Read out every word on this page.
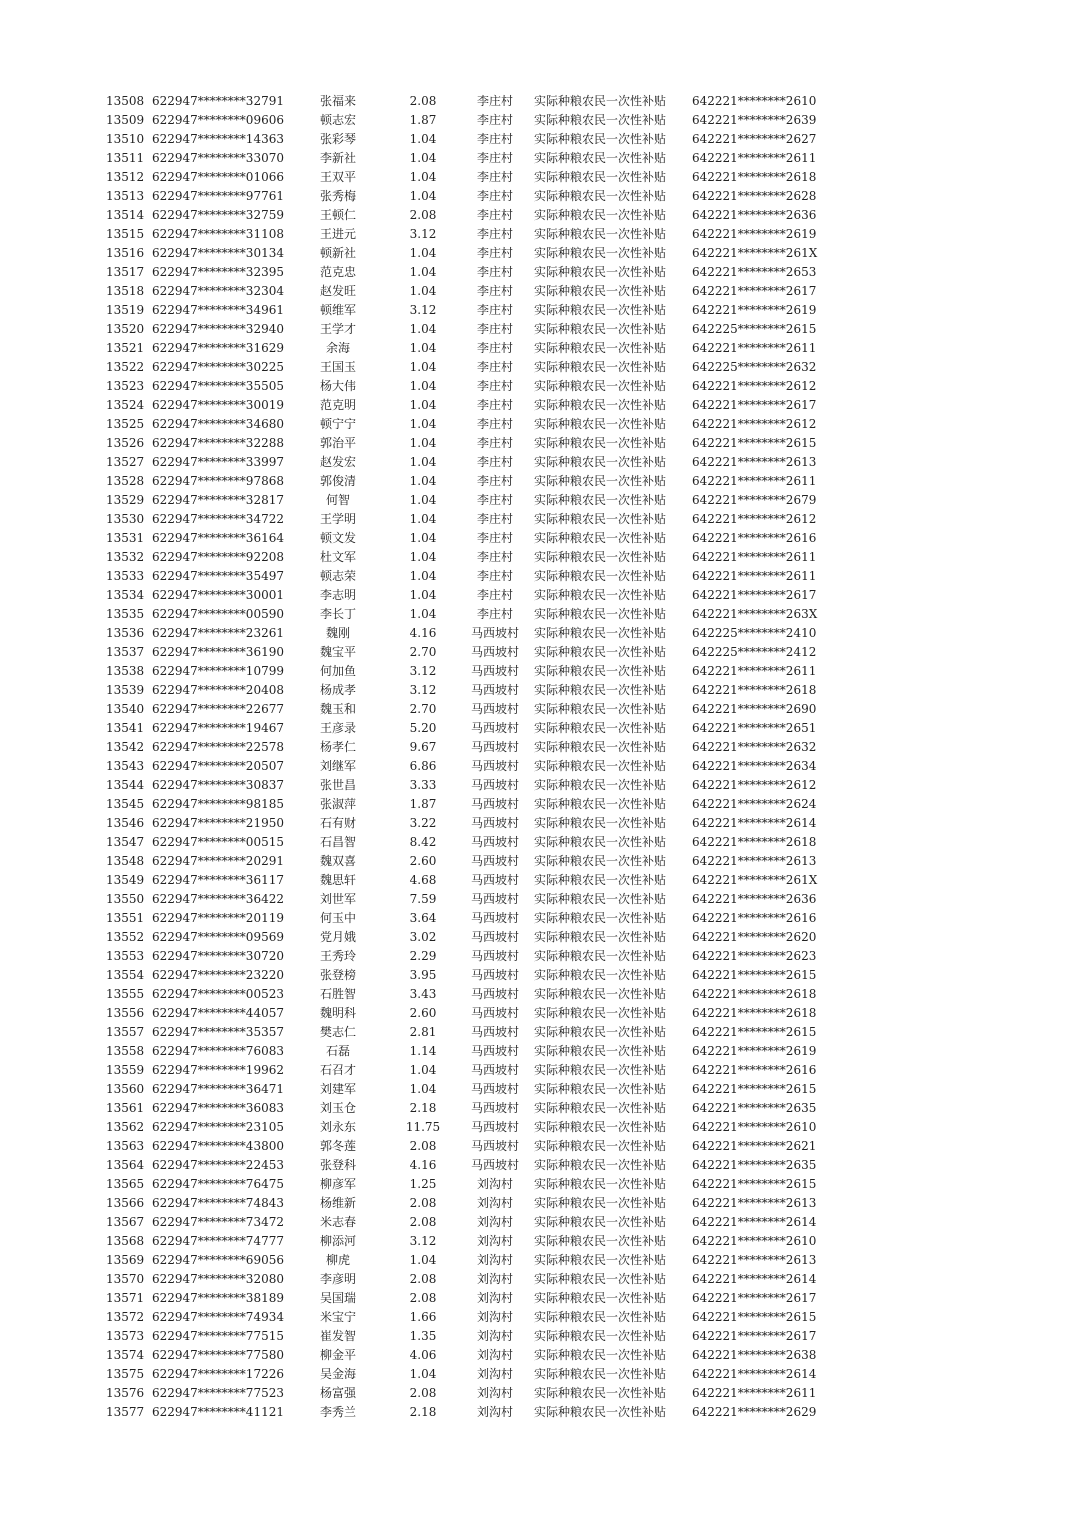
13508 622947********32791	张福来	2.08	李庄村	实际种粮农民一次性补贴 642221********2610
13509 622947********09606	顿志宏	1.87	李庄村	实际种粮农民一次性补贴 642221********2639
13510 622947********14363	张彩琴	1.04	李庄村	实际种粮农民一次性补贴 642221********2627
13511 622947********33070	李新社	1.04	李庄村	实际种粮农民一次性补贴 642221********2611
13512 622947********01066	王双平	1.04	李庄村	实际种粮农民一次性补贴 642221********2618
13513 622947********97761	张秀梅	1.04	李庄村	实际种粮农民一次性补贴 642221********2628
13514 622947********32759	王顿仁	2.08	李庄村	实际种粮农民一次性补贴 642221********2636
13515 622947********31108	王进元	3.12	李庄村	实际种粮农民一次性补贴 642221********2619
13516 622947********30134	顿新社	1.04	李庄村	实际种粮农民一次性补贴 642221********261X
13517 622947********32395	范克忠	1.04	李庄村	实际种粮农民一次性补贴 642221********2653
13518 622947********32304	赵发旺	1.04	李庄村	实际种粮农民一次性补贴 642221********2617
13519 622947********34961	顿维军	3.12	李庄村	实际种粮农民一次性补贴 642221********2619
13520 622947********32940	王学才	1.04	李庄村	实际种粮农民一次性补贴 642225********2615
13521 622947********31629	余海	1.04	李庄村	实际种粮农民一次性补贴 642221********2611
13522 622947********30225	王国玉	1.04	李庄村	实际种粮农民一次性补贴 642225********2632
13523 622947********35505	杨大伟	1.04	李庄村	实际种粮农民一次性补贴 642221********2612
13524 622947********30019	范克明	1.04	李庄村	实际种粮农民一次性补贴 642221********2617
13525 622947********34680	顿宁宁	1.04	李庄村	实际种粮农民一次性补贴 642221********2612
13526 622947********32288	郭治平	1.04	李庄村	实际种粮农民一次性补贴 642221********2615
13527 622947********33997	赵发宏	1.04	李庄村	实际种粮农民一次性补贴 642221********2613
13528 622947********97868	郭俊清	1.04	李庄村	实际种粮农民一次性补贴 642221********2611
13529 622947********32817	何智	1.04	李庄村	实际种粮农民一次性补贴 642221********2679
13530 622947********34722	王学明	1.04	李庄村	实际种粮农民一次性补贴 642221********2612
13531 622947********36164	顿文发	1.04	李庄村	实际种粮农民一次性补贴 642221********2616
13532 622947********92208	杜文军	1.04	李庄村	实际种粮农民一次性补贴 642221********2611
13533 622947********35497	顿志荣	1.04	李庄村	实际种粮农民一次性补贴 642221********2611
13534 622947********30001	李志明	1.04	李庄村	实际种粮农民一次性补贴 642221********2617
13535 622947********00590	李长丁	1.04	李庄村	实际种粮农民一次性补贴 642221********263X
13536 622947********23261	魏刚	4.16	马西坡村 实际种粮农民一次性补贴 642225********2410
13537 622947********36190	魏宝平	2.70	马西坡村 实际种粮农民一次性补贴 642225********2412
13538 622947********10799	何加鱼	3.12	马西坡村 实际种粮农民一次性补贴 642221********2611
13539 622947********20408	杨成孝	3.12	马西坡村 实际种粮农民一次性补贴 642221********2618
13540 622947********22677	魏玉和	2.70	马西坡村 实际种粮农民一次性补贴 642221********2690
13541 622947********19467	王彦录	5.20	马西坡村 实际种粮农民一次性补贴 642221********2651
13542 622947********22578	杨孝仁	9.67	马西坡村 实际种粮农民一次性补贴 642221********2632
13543 622947********20507	刘继军	6.86	马西坡村 实际种粮农民一次性补贴 642221********2634
13544 622947********30837	张世昌	3.33	马西坡村 实际种粮农民一次性补贴 642221********2612
13545 622947********98185	张淑萍	1.87	马西坡村 实际种粮农民一次性补贴 642221********2624
13546 622947********21950	石有财	3.22	马西坡村 实际种粮农民一次性补贴 642221********2614
13547 622947********00515	石昌智	8.42	马西坡村 实际种粮农民一次性补贴 642221********2618
13548 622947********20291	魏双喜	2.60	马西坡村 实际种粮农民一次性补贴 642221********2613
13549 622947********36117	魏思轩	4.68	马西坡村 实际种粮农民一次性补贴 642221********261X
13550 622947********36422	刘世军	7.59	马西坡村 实际种粮农民一次性补贴 642221********2636
13551 622947********20119	何玉中	3.64	马西坡村 实际种粮农民一次性补贴 642221********2616
13552 622947********09569	党月娥	3.02	马西坡村 实际种粮农民一次性补贴 642221********2620
13553 622947********30720	王秀玲	2.29	马西坡村 实际种粮农民一次性补贴 642221********2623
13554 622947********23220	张登榜	3.95	马西坡村 实际种粮农民一次性补贴 642221********2615
13555 622947********00523	石胜智	3.43	马西坡村 实际种粮农民一次性补贴 642221********2618
13556 622947********44057	魏明科	2.60	马西坡村 实际种粮农民一次性补贴 642221********2618
13557 622947********35357	樊志仁	2.81	马西坡村 实际种粮农民一次性补贴 642221********2615
13558 622947********76083	石磊	1.14	马西坡村 实际种粮农民一次性补贴 642221********2619
13559 622947********19962	石召才	1.04	马西坡村 实际种粮农民一次性补贴 642221********2616
13560 622947********36471	刘建军	1.04	马西坡村 实际种粮农民一次性补贴 642221********2615
13561 622947********36083	刘玉仓	2.18	马西坡村 实际种粮农民一次性补贴 642221********2635
13562 622947********23105	刘永东	11.75	马西坡村 实际种粮农民一次性补贴 642221********2610
13563 622947********43800	郭冬莲	2.08	马西坡村 实际种粮农民一次性补贴 642221********2621
13564 622947********22453	张登科	4.16	马西坡村 实际种粮农民一次性补贴 642221********2635
13565 622947********76475	柳彦军	1.25	刘沟村	实际种粮农民一次性补贴 642221********2615
13566 622947********74843	杨维新	2.08	刘沟村	实际种粮农民一次性补贴 642221********2613
13567 622947********73472	米志春	2.08	刘沟村	实际种粮农民一次性补贴 642221********2614
13568 622947********74777	柳添河	3.12	刘沟村	实际种粮农民一次性补贴 642221********2610
13569 622947********69056	柳虎	1.04	刘沟村	实际种粮农民一次性补贴 642221********2613
13570 622947********32080	李彦明	2.08	刘沟村	实际种粮农民一次性补贴 642221********2614
13571 622947********38189	吴国瑞	2.08	刘沟村	实际种粮农民一次性补贴 642221********2617
13572 622947********74934	米宝宁	1.66	刘沟村	实际种粮农民一次性补贴 642221********2615
13573 622947********77515	崔发智	1.35	刘沟村	实际种粮农民一次性补贴 642221********2617
13574 622947********77580	柳金平	4.06	刘沟村	实际种粮农民一次性补贴 642221********2638
13575 622947********17226	吴金海	1.04	刘沟村	实际种粮农民一次性补贴 642221********2614
13576 622947********77523	杨富强	2.08	刘沟村	实际种粮农民一次性补贴 642221********2611
13577 622947********41121	李秀兰	2.18	刘沟村	实际种粮农民一次性补贴 642221********2629
